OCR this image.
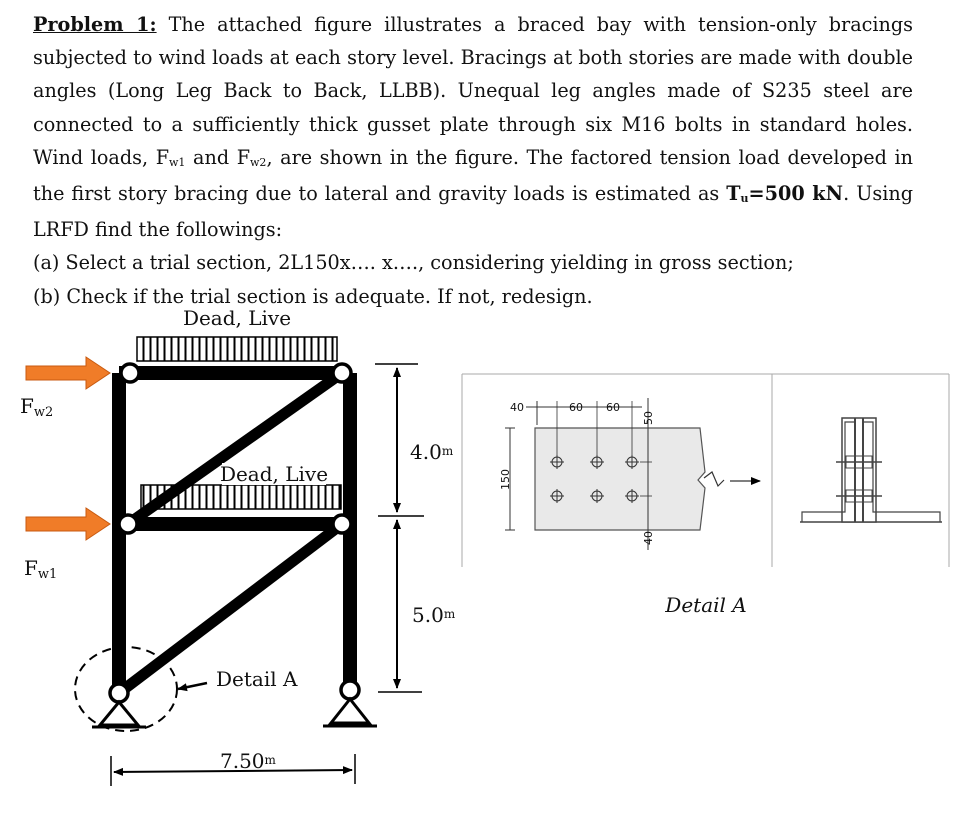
Problem 1: The attached figure illustrates a braced bay with tension-only bracings subjected to wind loads at each story level. Bracings at both stories are made with double angles (Long Leg Back to Back, LLBB). Unequal leg angles made of S235 steel are connected to a sufficiently thick gusset plate through six M16 bolts in standard holes. Wind loads, $F_{w1}$ and $F_{w2}$, are shown in the figure. The factored tension load developed in the first story bracing due to lateral and gravity loads is estimated as $T_u=500$ kN. Using LRFD find the followings:

(a) Select a trial section, 2L150x…. x…., considering yielding in gross section;

(b) Check if the trial section is adequate. If not, redesign.

Dead, Live
Dead, Live
Detail A
Fw2
Fw1
4.0$^m$
5.0$^m$
7.50$^m$
40	60 60
50
40
150
Detail A
